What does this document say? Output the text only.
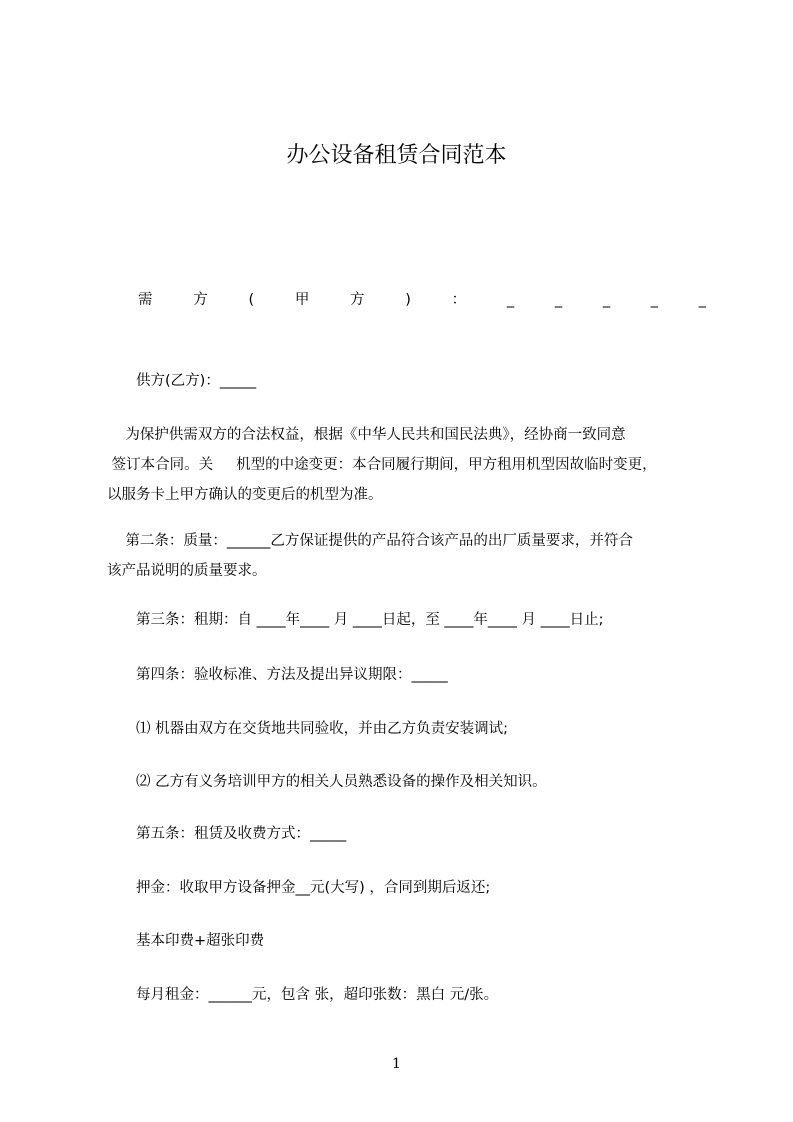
办公设备租赁合同范本
需	方	(	甲	方	)	：	_	_	_	_	_
供方(乙方)：_____
为保护供需双方的合法权益，根据《中华人民共和国民法典》，经协商一致同意
签订本合同。关     机型的中途变更：本合同履行期间，甲方租用机型因故临时变更，
以服务卡上甲方确认的变更后的机型为准。
第二条：质量：______乙方保证提供的产品符合该产品的出厂质量要求，并符合
该产品说明的质量要求。
第三条：租期：自 ____年____ 月 ____日起，至 ____年____ 月 ____日止;
第四条：验收标准、方法及提出异议期限：_____
⑴ 机器由双方在交货地共同验收，并由乙方负责安装调试;
⑵ 乙方有义务培训甲方的相关人员熟悉设备的操作及相关知识。
第五条：租赁及收费方式：_____
押金：收取甲方设备押金__元(大写) ，合同到期后返还;
基本印费+超张印费
每月租金：______元，包含 张，超印张数：黑白 元/张。
1
